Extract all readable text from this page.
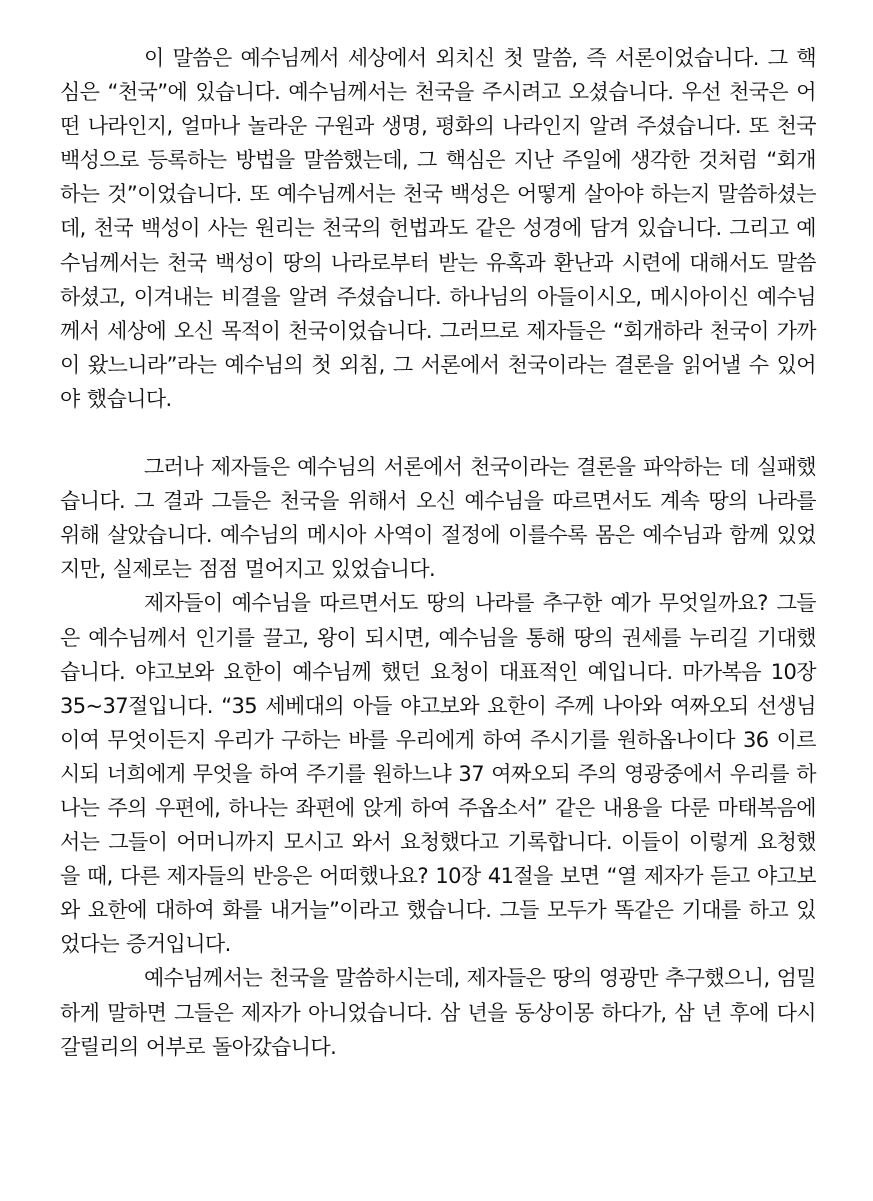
이 말씀은 예수님께서 세상에서 외치신 첫 말씀, 즉 서론이었습니다. 그 핵심은 “천국”에 있습니다. 예수님께서는 천국을 주시려고 오셨습니다. 우선 천국은 어떤 나라인지, 얼마나 놀라운 구원과 생명, 평화의 나라인지 알려 주셨습니다. 또 천국 백성으로 등록하는 방법을 말씀했는데, 그 핵심은 지난 주일에 생각한 것처럼 “회개하는 것”이었습니다. 또 예수님께서는 천국 백성은 어떻게 살아야 하는지 말씀하셨는데, 천국 백성이 사는 원리는 천국의 헌법과도 같은 성경에 담겨 있습니다. 그리고 예수님께서는 천국 백성이 땅의 나라로부터 받는 유혹과 환난과 시련에 대해서도 말씀하셨고, 이겨내는 비결을 알려 주셨습니다. 하나님의 아들이시오, 메시아이신 예수님께서 세상에 오신 목적이 천국이었습니다. 그러므로 제자들은 “회개하라 천국이 가까이 왔느니라”라는 예수님의 첫 외침, 그 서론에서 천국이라는 결론을 읽어낼 수 있어야 했습니다.

그러나 제자들은 예수님의 서론에서 천국이라는 결론을 파악하는 데 실패했습니다. 그 결과 그들은 천국을 위해서 오신 예수님을 따르면서도 계속 땅의 나라를 위해 살았습니다. 예수님의 메시아 사역이 절정에 이를수록 몸은 예수님과 함께 있었지만, 실제로는 점점 멀어지고 있었습니다.

제자들이 예수님을 따르면서도 땅의 나라를 추구한 예가 무엇일까요? 그들은 예수님께서 인기를 끌고, 왕이 되시면, 예수님을 통해 땅의 권세를 누리길 기대했습니다. 야고보와 요한이 예수님께 했던 요청이 대표적인 예입니다. 마가복음 10장 35~37절입니다. “35 세베대의 아들 야고보와 요한이 주께 나아와 여짜오되 선생님이여 무엇이든지 우리가 구하는 바를 우리에게 하여 주시기를 원하옵나이다 36 이르시되 너희에게 무엇을 하여 주기를 원하느냐 37 여짜오되 주의 영광중에서 우리를 하나는 주의 우편에, 하나는 좌편에 앉게 하여 주옵소서” 같은 내용을 다룬 마태복음에서는 그들이 어머니까지 모시고 와서 요청했다고 기록합니다. 이들이 이렇게 요청했을 때, 다른 제자들의 반응은 어떠했나요? 10장 41절을 보면 “열 제자가 듣고 야고보와 요한에 대하여 화를 내거늘”이라고 했습니다. 그들 모두가 똑같은 기대를 하고 있었다는 증거입니다.

예수님께서는 천국을 말씀하시는데, 제자들은 땅의 영광만 추구했으니, 엄밀하게 말하면 그들은 제자가 아니었습니다. 삼 년을 동상이몽 하다가, 삼 년 후에 다시 갈릴리의 어부로 돌아갔습니다.
